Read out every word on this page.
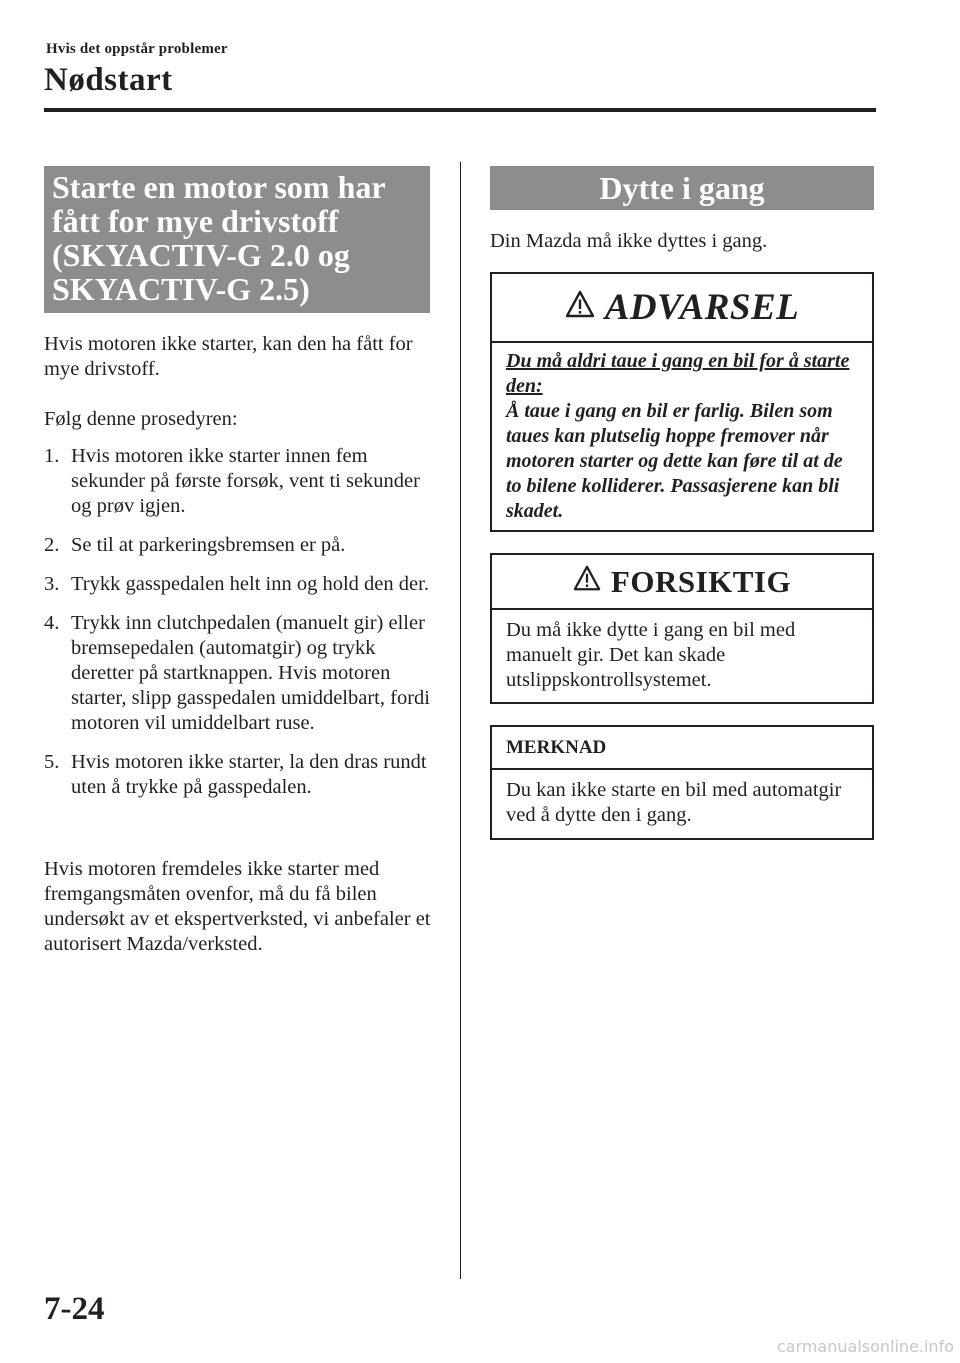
Hvis det oppstår problemer
Nødstart
Starte en motor som har
fått for mye drivstoff
(SKYACTIV-G 2.0 og
SKYACTIV-G 2.5)
Hvis motoren ikke starter, kan den ha fått for mye drivstoff.
Følg denne prosedyren:
1. Hvis motoren ikke starter innen fem sekunder på første forsøk, vent ti sekunder og prøv igjen.
2. Se til at parkeringsbremsen er på.
3. Trykk gasspedalen helt inn og hold den der.
4. Trykk inn clutchpedalen (manuelt gir) eller bremsepedalen (automatgir) og trykk deretter på startknappen. Hvis motoren starter, slipp gasspedalen umiddelbart, fordi motoren vil umiddelbart ruse.
5. Hvis motoren ikke starter, la den dras rundt uten å trykke på gasspedalen.
Hvis motoren fremdeles ikke starter med fremgangsmåten ovenfor, må du få bilen undersøkt av et ekspertverksted, vi anbefaler et autorisert Mazda/verksted.
Dytte i gang
Din Mazda må ikke dyttes i gang.
ADVARSEL
Du må aldri taue i gang en bil for å starte den:
Å taue i gang en bil er farlig. Bilen som taues kan plutselig hoppe fremover når motoren starter og dette kan føre til at de to bilene kolliderer. Passasjerene kan bli skadet.
FORSIKTIG
Du må ikke dytte i gang en bil med manuelt gir. Det kan skade utslippskontrollsystemet.
MERKNAD
Du kan ikke starte en bil med automatgir ved å dytte den i gang.
7-24
carmanualsonline.info
